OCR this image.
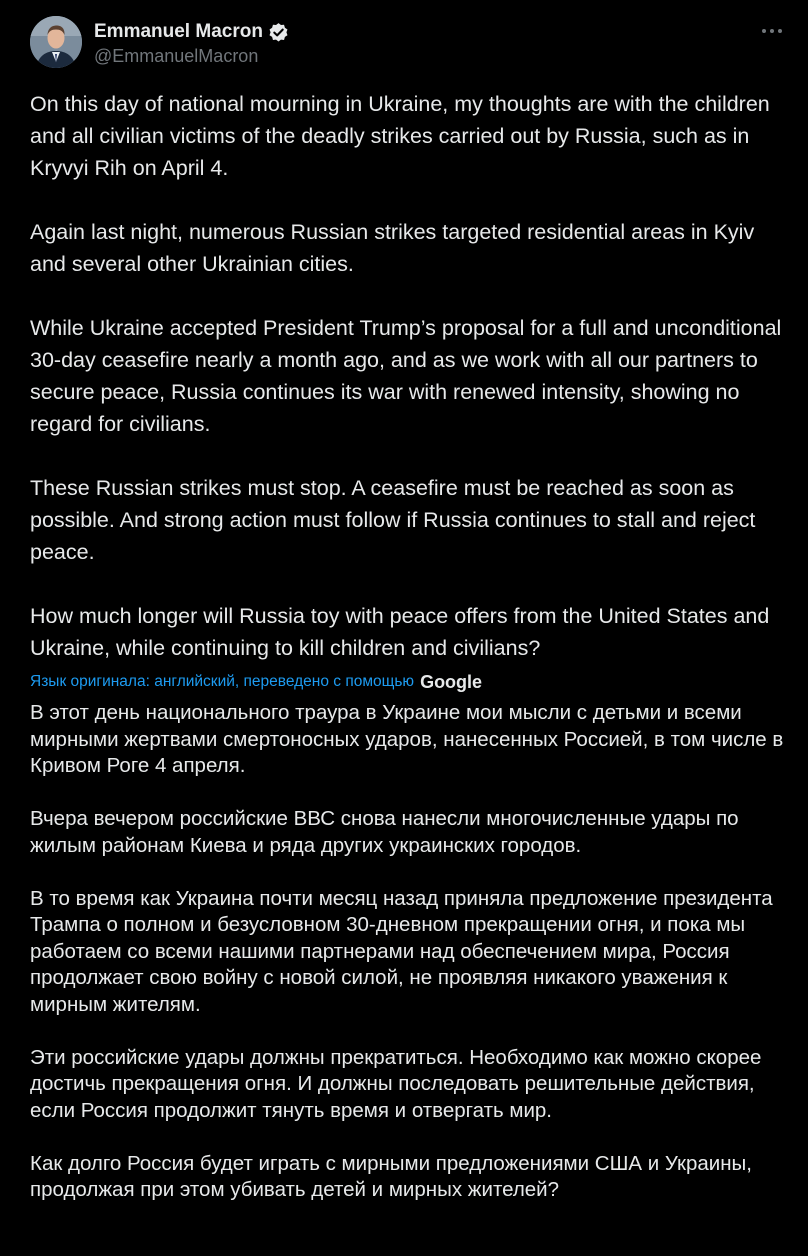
Emmanuel Macron
@EmmanuelMacron

On this day of national mourning in Ukraine, my thoughts are with the children and all civilian victims of the deadly strikes carried out by Russia, such as in Kryvyi Rih on April 4.

Again last night, numerous Russian strikes targeted residential areas in Kyiv and several other Ukrainian cities.

While Ukraine accepted President Trump’s proposal for a full and unconditional 30-day ceasefire nearly a month ago, and as we work with all our partners to secure peace, Russia continues its war with renewed intensity, showing no regard for civilians.

These Russian strikes must stop. A ceasefire must be reached as soon as possible. And strong action must follow if Russia continues to stall and reject peace.

How much longer will Russia toy with peace offers from the United States and Ukraine, while continuing to kill children and civilians?

Язык оригинала: английский, переведено с помощью Google

В этот день национального траура в Украине мои мысли с детьми и всеми мирными жертвами смертоносных ударов, нанесенных Россией, в том числе в Кривом Роге 4 апреля.

Вчера вечером российские ВВС снова нанесли многочисленные удары по жилым районам Киева и ряда других украинских городов.

В то время как Украина почти месяц назад приняла предложение президента Трампа о полном и безусловном 30-дневном прекращении огня, и пока мы работаем со всеми нашими партнерами над обеспечением мира, Россия продолжает свою войну с новой силой, не проявляя никакого уважения к мирным жителям.

Эти российские удары должны прекратиться. Необходимо как можно скорее достичь прекращения огня. И должны последовать решительные действия, если Россия продолжит тянуть время и отвергать мир.

Как долго Россия будет играть с мирными предложениями США и Украины, продолжая при этом убивать детей и мирных жителей?
